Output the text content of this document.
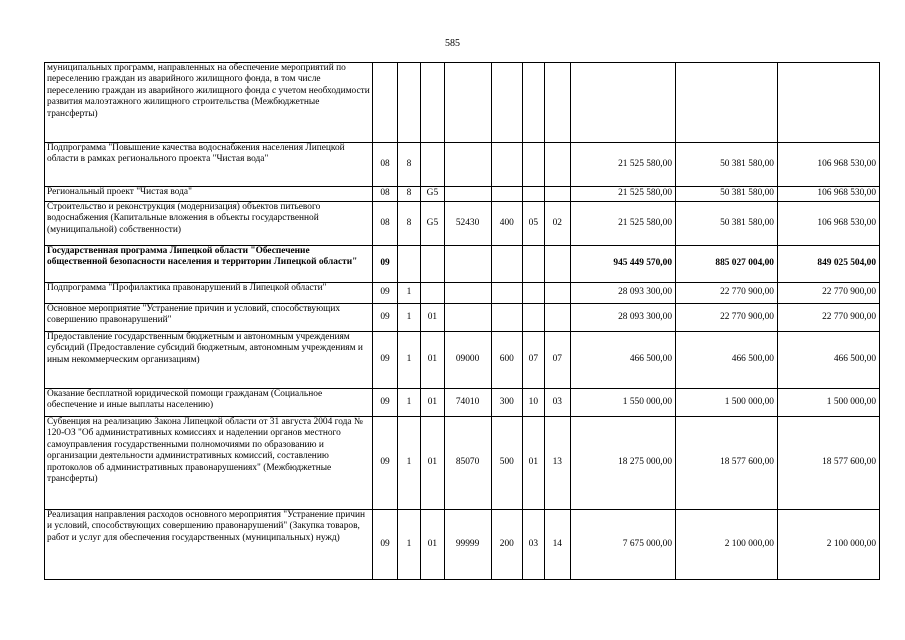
585
муниципальных программ, направленных на обеспечение мероприятий по переселению граждан из аварийного жилищного фонда, в том числе переселению граждан из аварийного жилищного фонда с учетом необходимости развития малоэтажного жилищного строительства (Межбюджетные трансферты)										
Подпрограмма "Повышение качества водоснабжения населения Липецкой области в рамках регионального проекта "Чистая вода"	08	8						21 525 580,00	50 381 580,00	106 968 530,00
Региональный проект "Чистая вода"	08	8	G5					21 525 580,00	50 381 580,00	106 968 530,00
Строительство и реконструкция (модернизация) объектов питьевого водоснабжения (Капитальные вложения в объекты государственной (муниципальной) собственности)	08	8	G5	52430	400	05	02	21 525 580,00	50 381 580,00	106 968 530,00
Государственная программа Липецкой области "Обеспечение общественной безопасности населения и территории Липецкой области"	09							945 449 570,00	885 027 004,00	849 025 504,00
Подпрограмма "Профилактика правонарушений в Липецкой области"	09	1						28 093 300,00	22 770 900,00	22 770 900,00
Основное мероприятие "Устранение причин и условий, способствующих совершению правонарушений"	09	1	01					28 093 300,00	22 770 900,00	22 770 900,00
Предоставление государственным бюджетным и автономным учреждениям субсидий (Предоставление субсидий бюджетным, автономным учреждениям и иным некоммерческим организациям)	09	1	01	09000	600	07	07	466 500,00	466 500,00	466 500,00
Оказание бесплатной юридической помощи гражданам (Социальное обеспечение и иные выплаты населению)	09	1	01	74010	300	10	03	1 550 000,00	1 500 000,00	1 500 000,00
Субвенция на реализацию Закона Липецкой области от 31 августа 2004 года № 120-ОЗ "Об административных комиссиях и наделении органов местного самоуправления государственными полномочиями по образованию и организации деятельности административных комиссий, составлению протоколов об административных правонарушениях" (Межбюджетные трансферты)	09	1	01	85070	500	01	13	18 275 000,00	18 577 600,00	18 577 600,00
Реализация направления расходов основного мероприятия "Устранение причин и условий, способствующих совершению правонарушений" (Закупка товаров, работ и услуг для обеспечения государственных (муниципальных) нужд)	09	1	01	99999	200	03	14	7 675 000,00	2 100 000,00	2 100 000,00
